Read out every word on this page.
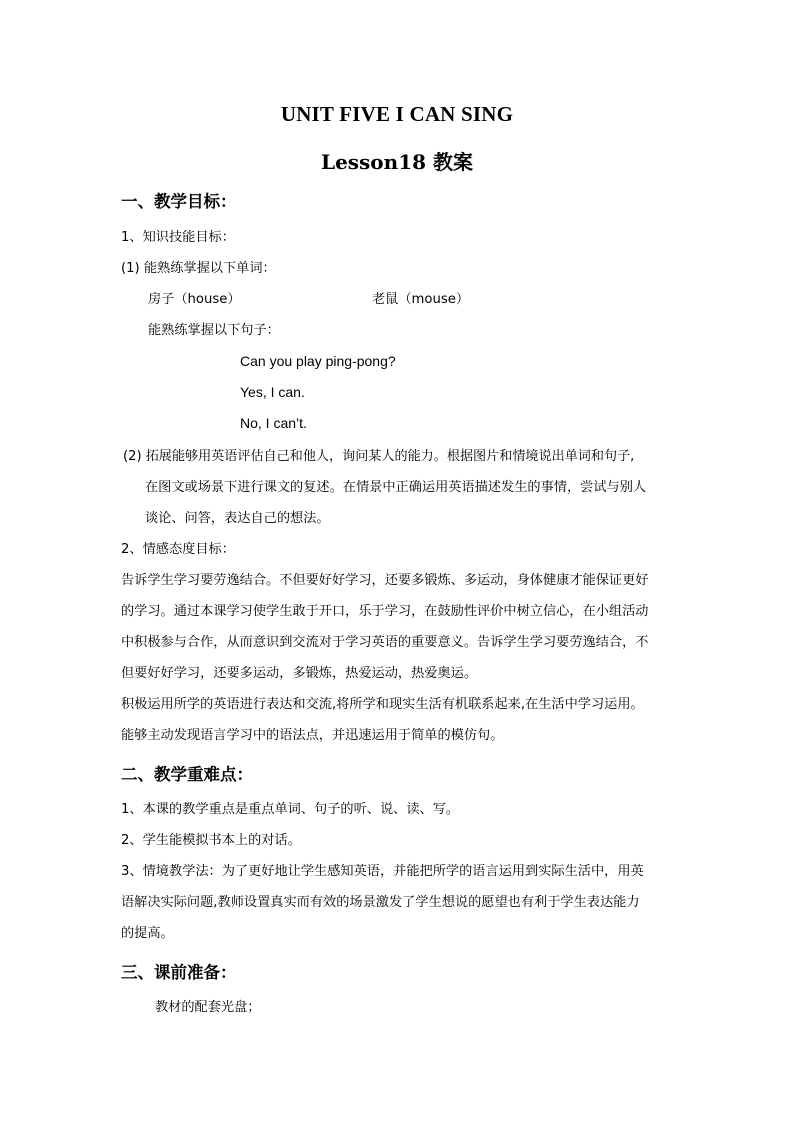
UNIT FIVE I CAN SING
Lesson18 教案
一、教学目标：
1、知识技能目标：
(1) 能熟练掌握以下单词：
房子（house）	老鼠（mouse）
能熟练掌握以下句子：
Can you play ping-pong?
Yes, I can.
No, I can’t.
(2) 拓展能够用英语评估自己和他人，询问某人的能力。根据图片和情境说出单词和句子,
在图文或场景下进行课文的复述。在情景中正确运用英语描述发生的事情，尝试与别人
谈论、问答，表达自己的想法。
2、情感态度目标：
告诉学生学习要劳逸结合。不但要好好学习，还要多锻炼、多运动，身体健康才能保证更好
的学习。通过本课学习使学生敢于开口，乐于学习，在鼓励性评价中树立信心，在小组活动
中积极参与合作，从而意识到交流对于学习英语的重要意义。告诉学生学习要劳逸结合，不
但要好好学习，还要多运动，多锻炼，热爱运动，热爱奥运。
积极运用所学的英语进行表达和交流,将所学和现实生活有机联系起来,在生活中学习运用。
能够主动发现语言学习中的语法点，并迅速运用于简单的模仿句。
二、教学重难点：
1、本课的教学重点是重点单词、句子的听、说、读、写。
2、学生能模拟书本上的对话。
3、情境教学法：为了更好地让学生感知英语，并能把所学的语言运用到实际生活中，用英
语解决实际问题,教师设置真实而有效的场景激发了学生想说的愿望也有利于学生表达能力
的提高。
三、课前准备：
教材的配套光盘；
